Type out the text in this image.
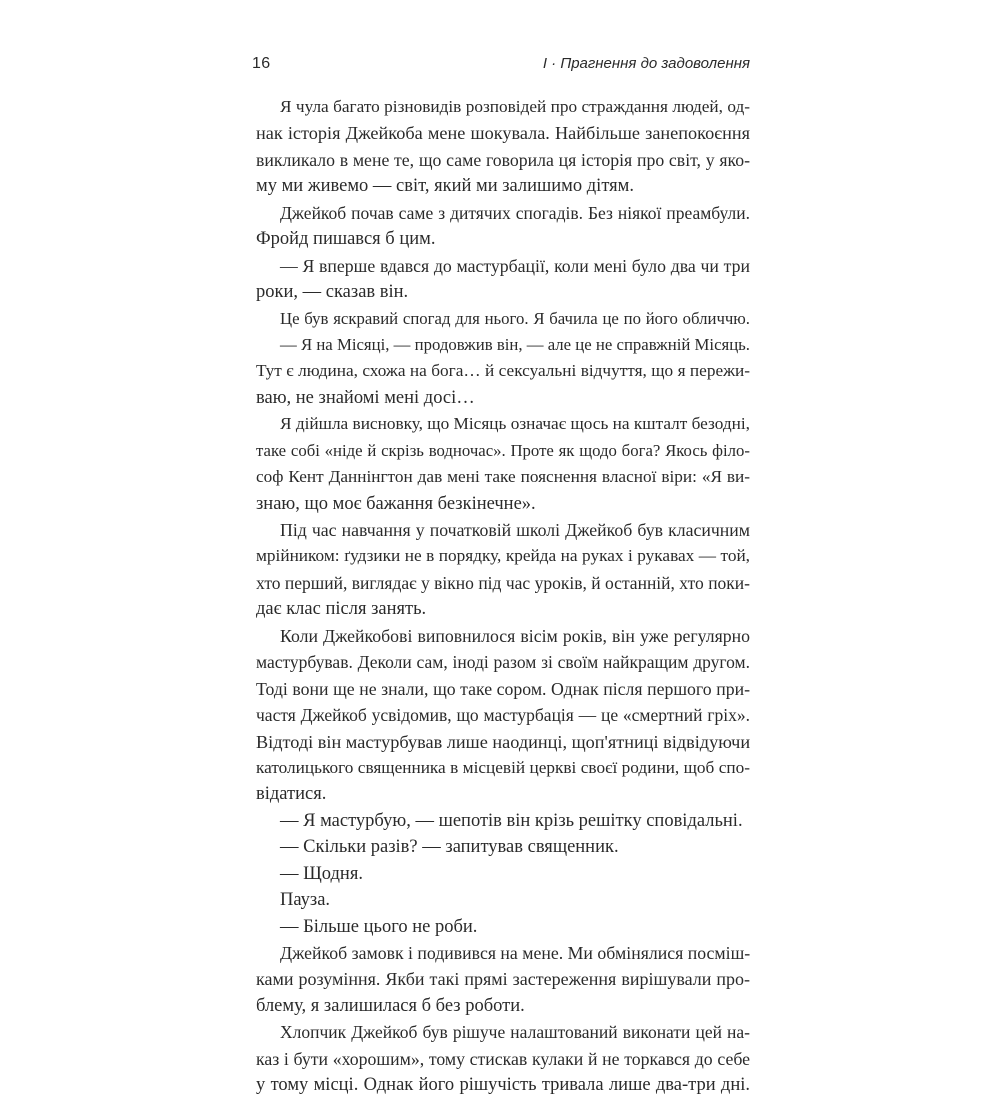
16	І · Прагнення до задоволення
Я чула багато різновидів розповідей про страждання людей, од-
нак історія Джейкоба мене шокувала. Найбільше занепокоєння
викликало в мене те, що саме говорила ця історія про світ, у яко-
му ми живемо — світ, який ми залишимо дітям.
Джейкоб почав саме з дитячих спогадів. Без ніякої преамбули.
Фройд пишався б цим.
— Я вперше вдався до мастурбації, коли мені було два чи три
роки, — сказав він.
Це був яскравий спогад для нього. Я бачила це по його обличчю.
— Я на Місяці, — продовжив він, — але це не справжній Місяць.
Тут є людина, схожа на бога… й сексуальні відчуття, що я пережи-
ваю, не знайомі мені досі…
Я дійшла висновку, що Місяць означає щось на кшталт безодні,
таке собі «ніде й скрізь водночас». Проте як щодо бога? Якось філо-
соф Кент Даннінгтон дав мені таке пояснення власної віри: «Я ви-
знаю, що моє бажання безкінечне».
Під час навчання у початковій школі Джейкоб був класичним
мрійником: ґудзики не в порядку, крейда на руках і рукавах — той,
хто перший, виглядає у вікно під час уроків, й останній, хто поки-
дає клас після занять.
Коли Джейкобові виповнилося вісім років, він уже регулярно
мастурбував. Деколи сам, іноді разом зі своїм найкращим другом.
Тоді вони ще не знали, що таке сором. Однак після першого при-
частя Джейкоб усвідомив, що мастурбація — це «смертний гріх».
Відтоді він мастурбував лише наодинці, щоп'ятниці відвідуючи
католицького священника в місцевій церкві своєї родини, щоб спо-
відатися.
— Я мастурбую, — шепотів він крізь решітку сповідальні.
— Скільки разів? — запитував священник.
— Щодня.
Пауза.
— Більше цього не роби.
Джейкоб замовк і подивився на мене. Ми обмінялися посміш-
ками розуміння. Якби такі прямі застереження вирішували про-
блему, я залишилася б без роботи.
Хлопчик Джейкоб був рішуче налаштований виконати цей на-
каз і бути «хорошим», тому стискав кулаки й не торкався до себе
у тому місці. Однак його рішучість тривала лише два-три дні.
